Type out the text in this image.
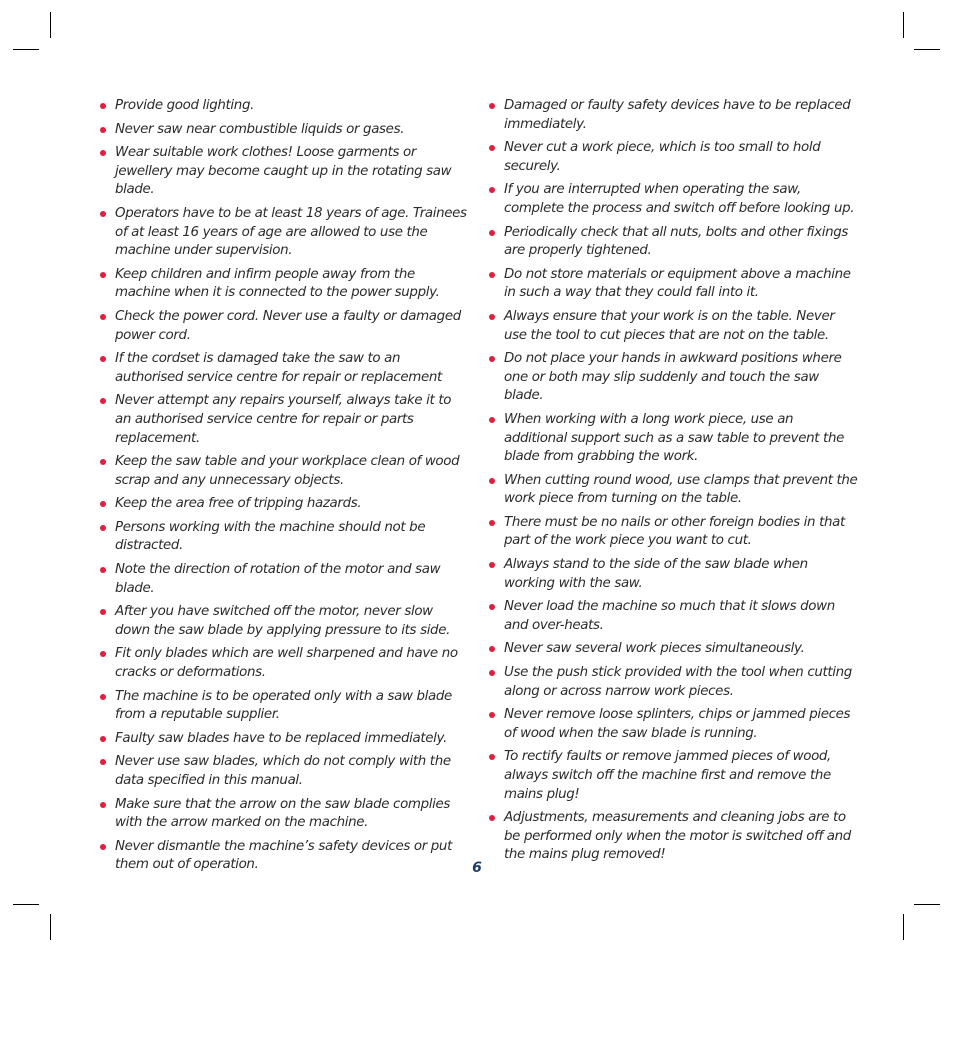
Provide good lighting.
Never saw near combustible liquids or gases.
Wear suitable work clothes! Loose garments or jewellery may become caught up in the rotating saw blade.
Operators have to be at least 18 years of age. Trainees of at least 16 years of age are allowed to use the machine under supervision.
Keep children and infirm people away from the machine when it is connected to the power supply.
Check the power cord. Never use a faulty or damaged power cord.
If the cordset is damaged take the saw to an authorised service centre for repair or replacement
Never attempt any repairs yourself, always take it to an authorised service centre for repair or parts replacement.
Keep the saw table and your workplace clean of wood scrap and any unnecessary objects.
Keep the area free of tripping hazards.
Persons working with the machine should not be distracted.
Note the direction of rotation of the motor and saw blade.
After you have switched off the motor, never slow down the saw blade by applying pressure to its side.
Fit only blades which are well sharpened and have no cracks or deformations.
The machine is to be operated only with a saw blade from a reputable supplier.
Faulty saw blades have to be replaced immediately.
Never use saw blades, which do not comply with the data specified in this manual.
Make sure that the arrow on the saw blade complies with the arrow marked on the machine.
Never dismantle the machine’s safety devices or put them out of operation.
Damaged or faulty safety devices have to be replaced immediately.
Never cut a work piece, which is too small to hold securely.
If you are interrupted when operating the saw, complete the process and switch off before looking up.
Periodically check that all nuts, bolts and other fixings are properly tightened.
Do not store materials or equipment above a machine in such a way that they could fall into it.
Always ensure that your work is on the table. Never use the tool to cut pieces that are not on the table.
Do not place your hands in awkward positions where one or both may slip suddenly and touch the saw blade.
When working with a long work piece, use an additional support such as a saw table to prevent the blade from grabbing the work.
When cutting round wood, use clamps that prevent the work piece from turning on the table.
There must be no nails or other foreign bodies in that part of the work piece you want to cut.
Always stand to the side of the saw blade when working with the saw.
Never load the machine so much that it slows down and over-heats.
Never saw several work pieces simultaneously.
Use the push stick provided with the tool when cutting along or across narrow work pieces.
Never remove loose splinters, chips or jammed pieces of wood when the saw blade is running.
To rectify faults or remove jammed pieces of wood, always switch off the machine first and remove the mains plug!
Adjustments, measurements and cleaning jobs are to be performed only when the motor is switched off and the mains plug removed!
6
